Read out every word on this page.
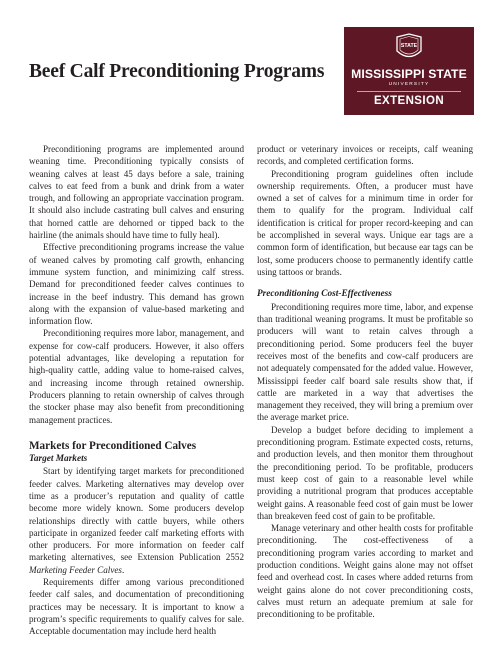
Beef Calf Preconditioning Programs
STATE
MISSISSIPPI STATE
UNIVERSITY
EXTENSION

Preconditioning programs are implemented around weaning time. Preconditioning typically consists of weaning calves at least 45 days before a sale, training calves to eat feed from a bunk and drink from a water trough, and following an appropriate vaccination program. It should also include castrating bull calves and ensuring that horned cattle are dehorned or tipped back to the hairline (the animals should have time to fully heal).

Effective preconditioning programs increase the value of weaned calves by promoting calf growth, enhancing immune system function, and minimizing calf stress. Demand for preconditioned feeder calves continues to increase in the beef industry. This demand has grown along with the expansion of value-based marketing and information flow.

Preconditioning requires more labor, management, and expense for cow-calf producers. However, it also offers potential advantages, like developing a reputation for high-quality cattle, adding value to home-raised calves, and increasing income through retained ownership. Producers planning to retain ownership of calves through the stocker phase may also benefit from preconditioning management practices.

Markets for Preconditioned Calves
Target Markets

Start by identifying target markets for preconditioned feeder calves. Marketing alternatives may develop over time as a producer’s reputation and quality of cattle become more widely known. Some producers develop relationships directly with cattle buyers, while others participate in organized feeder calf marketing efforts with other producers. For more information on feeder calf marketing alternatives, see Extension Publication 2552 Marketing Feeder Calves.

Requirements differ among various preconditioned feeder calf sales, and documentation of preconditioning practices may be necessary. It is important to know a program’s specific requirements to qualify calves for sale. Acceptable documentation may include herd health

product or veterinary invoices or receipts, calf weaning records, and completed certification forms.

Preconditioning program guidelines often include ownership requirements. Often, a producer must have owned a set of calves for a minimum time in order for them to qualify for the program. Individual calf identification is critical for proper record-keeping and can be accomplished in several ways. Unique ear tags are a common form of identification, but because ear tags can be lost, some producers choose to permanently identify cattle using tattoos or brands.

Preconditioning Cost-Effectiveness

Preconditioning requires more time, labor, and expense than traditional weaning programs. It must be profitable so producers will want to retain calves through a preconditioning period. Some producers feel the buyer receives most of the benefits and cow-calf producers are not adequately compensated for the added value. However, Mississippi feeder calf board sale results show that, if cattle are marketed in a way that advertises the management they received, they will bring a premium over the average market price.

Develop a budget before deciding to implement a preconditioning program. Estimate expected costs, returns, and production levels, and then monitor them throughout the preconditioning period. To be profitable, producers must keep cost of gain to a reasonable level while providing a nutritional program that produces acceptable weight gains. A reasonable feed cost of gain must be lower than breakeven feed cost of gain to be profitable.

Manage veterinary and other health costs for profitable preconditioning. The cost-effectiveness of a preconditioning program varies according to market and production conditions. Weight gains alone may not offset feed and overhead cost. In cases where added returns from weight gains alone do not cover preconditioning costs, calves must return an adequate premium at sale for preconditioning to be profitable.
